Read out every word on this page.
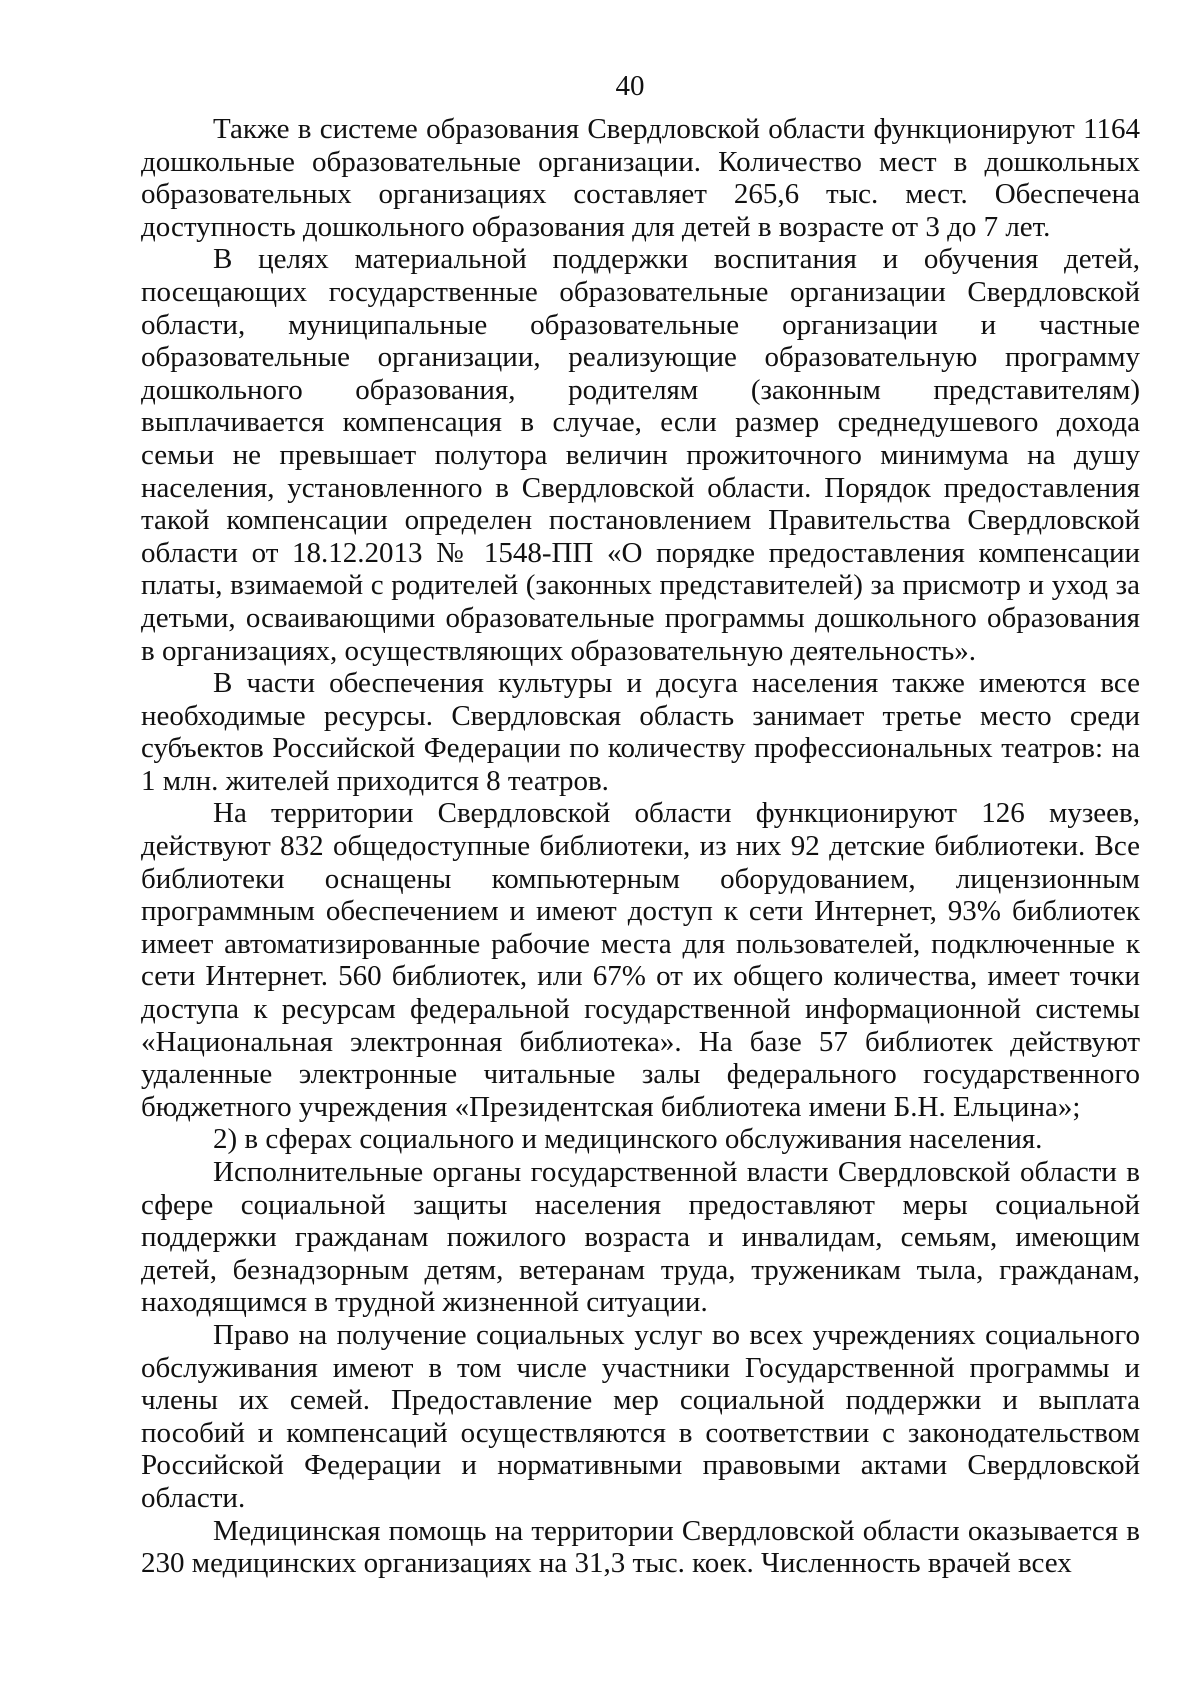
40

Также в системе образования Свердловской области функционируют 1164 дошкольные образовательные организации. Количество мест в дошкольных образовательных организациях составляет 265,6 тыс. мест. Обеспечена доступность дошкольного образования для детей в возрасте от 3 до 7 лет.

В целях материальной поддержки воспитания и обучения детей, посещающих государственные образовательные организации Свердловской области, муниципальные образовательные организации и частные образовательные организации, реализующие образовательную программу дошкольного образования, родителям (законным представителям) выплачивается компенсация в случае, если размер среднедушевого дохода семьи не превышает полутора величин прожиточного минимума на душу населения, установленного в Свердловской области. Порядок предоставления такой компенсации определен постановлением Правительства Свердловской области от 18.12.2013 № 1548-ПП «О порядке предоставления компенсации платы, взимаемой с родителей (законных представителей) за присмотр и уход за детьми, осваивающими образовательные программы дошкольного образования в организациях, осуществляющих образовательную деятельность».

В части обеспечения культуры и досуга населения также имеются все необходимые ресурсы. Свердловская область занимает третье место среди субъектов Российской Федерации по количеству профессиональных театров: на 1 млн. жителей приходится 8 театров.

На территории Свердловской области функционируют 126 музеев, действуют 832 общедоступные библиотеки, из них 92 детские библиотеки. Все библиотеки оснащены компьютерным оборудованием, лицензионным программным обеспечением и имеют доступ к сети Интернет, 93% библиотек имеет автоматизированные рабочие места для пользователей, подключенные к сети Интернет. 560 библиотек, или 67% от их общего количества, имеет точки доступа к ресурсам федеральной государственной информационной системы «Национальная электронная библиотека». На базе 57 библиотек действуют удаленные электронные читальные залы федерального государственного бюджетного учреждения «Президентская библиотека имени Б.Н. Ельцина»;

2) в сферах социального и медицинского обслуживания населения.

Исполнительные органы государственной власти Свердловской области в сфере социальной защиты населения предоставляют меры социальной поддержки гражданам пожилого возраста и инвалидам, семьям, имеющим детей, безнадзорным детям, ветеранам труда, труженикам тыла, гражданам, находящимся в трудной жизненной ситуации.

Право на получение социальных услуг во всех учреждениях социального обслуживания имеют в том числе участники Государственной программы и члены их семей. Предоставление мер социальной поддержки и выплата пособий и компенсаций осуществляются в соответствии с законодательством Российской Федерации и нормативными правовыми актами Свердловской области.

Медицинская помощь на территории Свердловской области оказывается в 230 медицинских организациях на 31,3 тыс. коек. Численность врачей всех
